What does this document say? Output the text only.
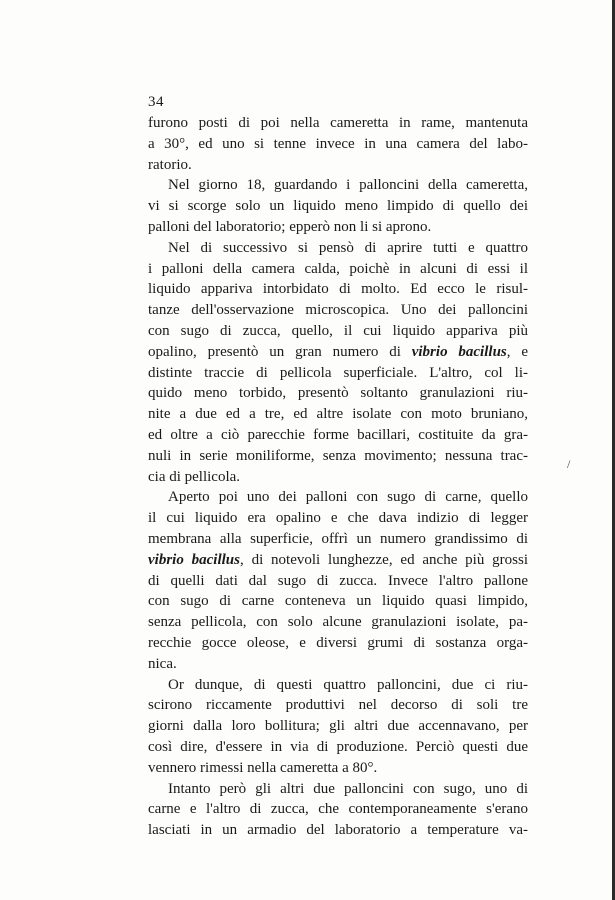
34
furono posti di poi nella cameretta in rame, mantenuta
a 30°, ed uno si tenne invece in una camera del labo-
ratorio.
Nel giorno 18, guardando i palloncini della cameretta,
vi si scorge solo un liquido meno limpido di quello dei
palloni del laboratorio; epperò non li si aprono.
Nel di successivo si pensò di aprire tutti e quattro
i palloni della camera calda, poichè in alcuni di essi il
liquido appariva intorbidato di molto. Ed ecco le risul-
tanze dell'osservazione microscopica. Uno dei palloncini
con sugo di zucca, quello, il cui liquido appariva più
opalino, presentò un gran numero di vibrio bacillus, e
distinte traccie di pellicola superficiale. L'altro, col li-
quido meno torbido, presentò soltanto granulazioni riu-
nite a due ed a tre, ed altre isolate con moto bruniano,
ed oltre a ciò parecchie forme bacillari, costituite da gra-
nuli in serie moniliforme, senza movimento; nessuna trac-
cia di pellicola.
Aperto poi uno dei palloni con sugo di carne, quello
il cui liquido era opalino e che dava indizio di legger
membrana alla superficie, offrì un numero grandissimo di
vibrio bacillus, di notevoli lunghezze, ed anche più grossi
di quelli dati dal sugo di zucca. Invece l'altro pallone
con sugo di carne conteneva un liquido quasi limpido,
senza pellicola, con solo alcune granulazioni isolate, pa-
recchie gocce oleose, e diversi grumi di sostanza orga-
nica.
Or dunque, di questi quattro palloncini, due ci riu-
scirono riccamente produttivi nel decorso di soli tre
giorni dalla loro bollitura; gli altri due accennavano, per
così dire, d'essere in via di produzione. Perciò questi due
vennero rimessi nella cameretta a 80°.
Intanto però gli altri due palloncini con sugo, uno di
carne e l'altro di zucca, che contemporaneamente s'erano
lasciati in un armadio del laboratorio a temperature va-
/
